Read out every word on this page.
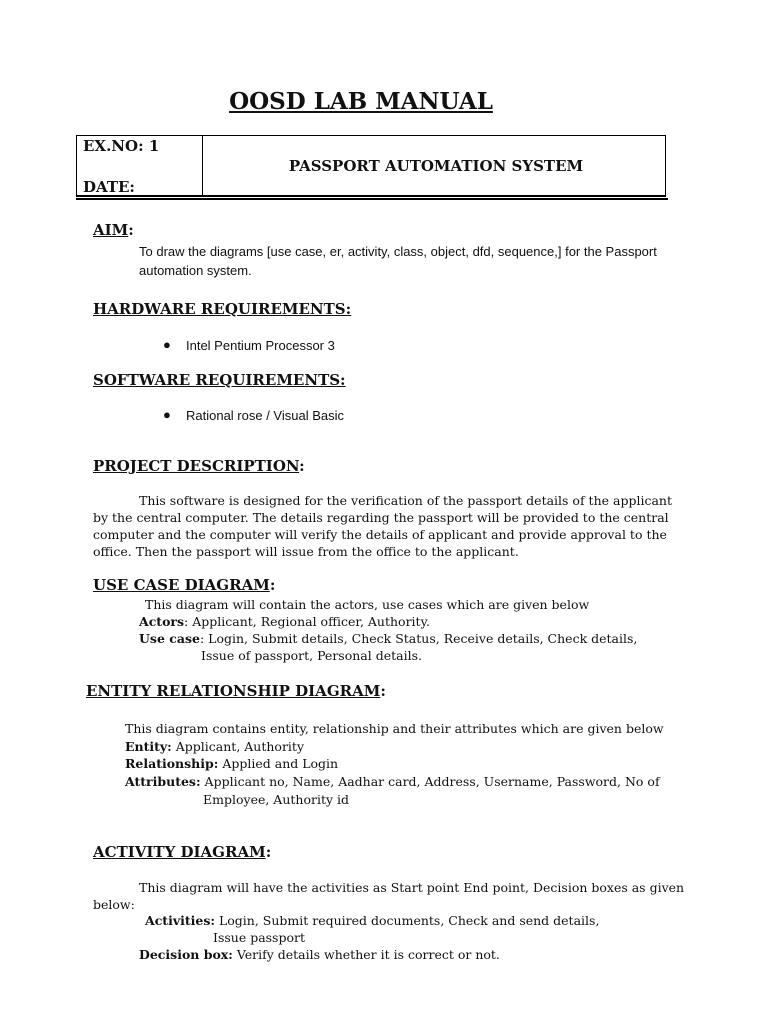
OOSD LAB MANUAL
EX.NO: 1
DATE:
PASSPORT AUTOMATION SYSTEM
AIM:
To draw the diagrams [use case, er, activity, class, object, dfd, sequence,] for the Passport
automation system.
HARDWARE REQUIREMENTS:
● Intel Pentium Processor 3
SOFTWARE REQUIREMENTS:
● Rational rose / Visual Basic
PROJECT DESCRIPTION:
This software is designed for the verification of the passport details of the applicant
by the central computer. The details regarding the passport will be provided to the central
computer and the computer will verify the details of applicant and provide approval to the
office. Then the passport will issue from the office to the applicant.
USE CASE DIAGRAM:
This diagram will contain the actors, use cases which are given below
Actors: Applicant, Regional officer, Authority.
Use case: Login, Submit details, Check Status, Receive details, Check details,
Issue of passport, Personal details.
ENTITY RELATIONSHIP DIAGRAM:
This diagram contains entity, relationship and their attributes which are given below
Entity: Applicant, Authority
Relationship: Applied and Login
Attributes: Applicant no, Name, Aadhar card, Address, Username, Password, No of
Employee, Authority id
ACTIVITY DIAGRAM:
This diagram will have the activities as Start point End point, Decision boxes as given
below:
Activities: Login, Submit required documents, Check and send details,
Issue passport
Decision box: Verify details whether it is correct or not.
